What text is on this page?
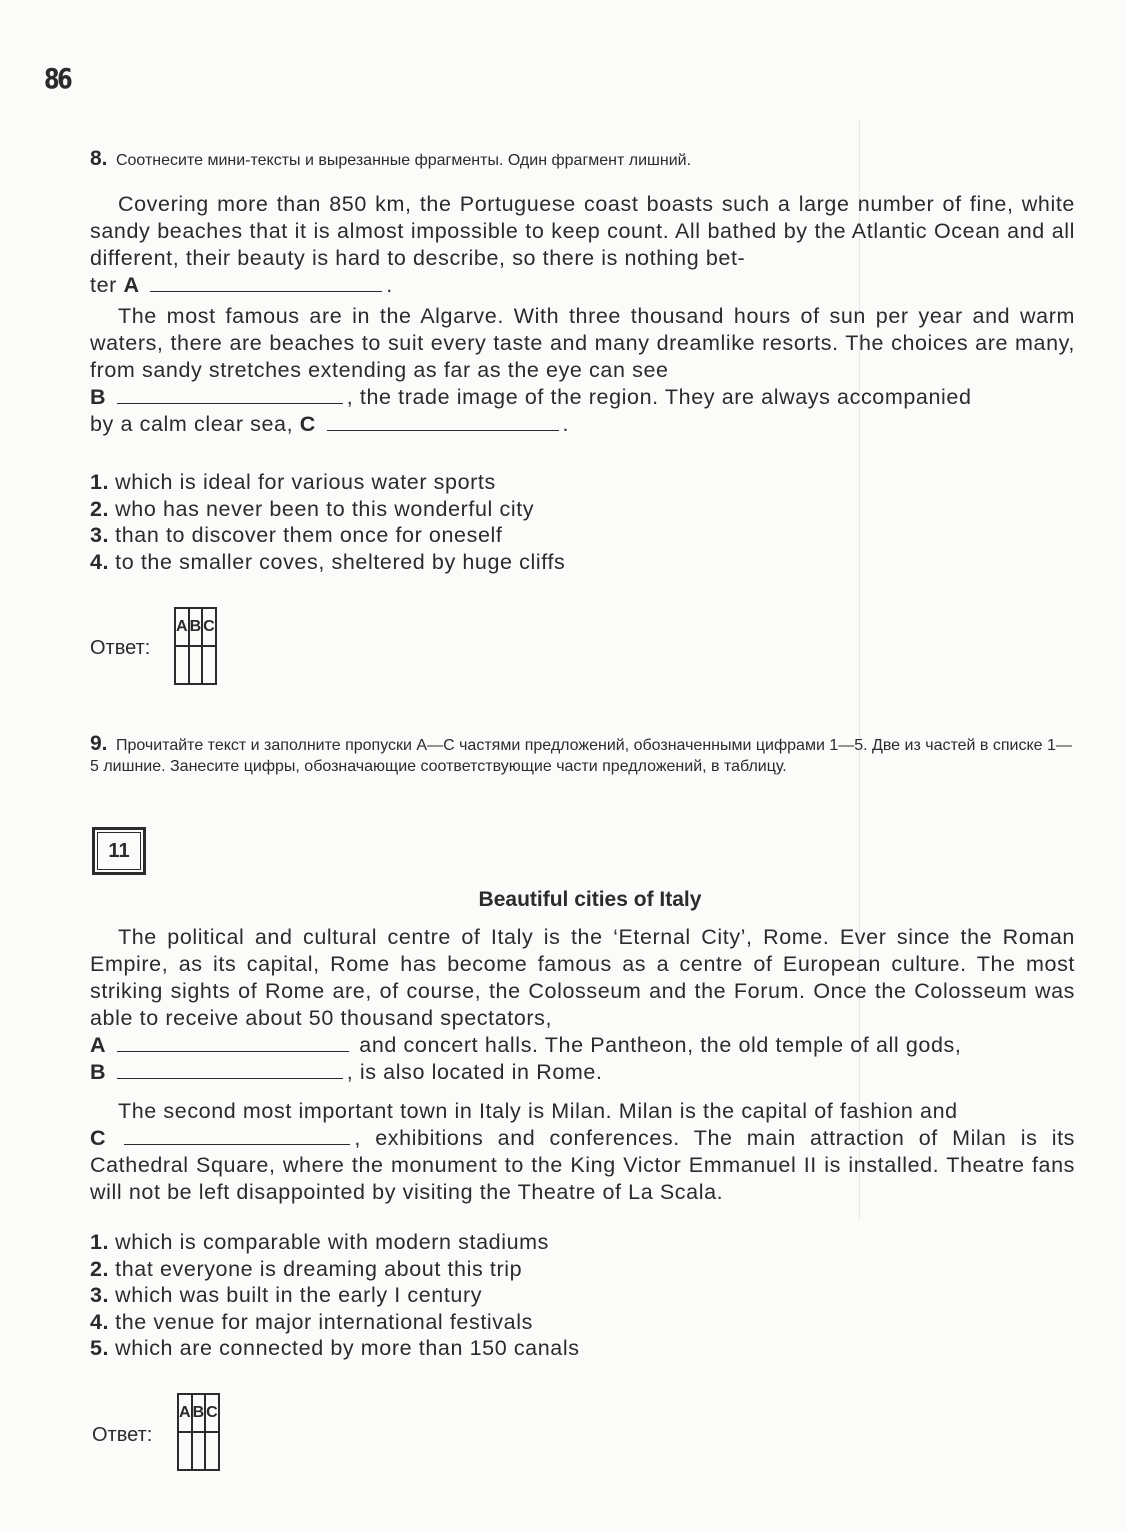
86
8. Соотнесите мини-тексты и вырезанные фрагменты. Один фрагмент лишний.
Covering more than 850 km, the Portuguese coast boasts such a large number of fine, white sandy beaches that it is almost impossible to keep count. All bathed by the Atlantic Ocean and all different, their beauty is hard to describe, so there is nothing bet-
ter A	.
The most famous are in the Algarve. With three thousand hours of sun per year and warm waters, there are beaches to suit every taste and many dreamlike resorts. The choices are many, from sandy stretches extending as far as the eye can see
B	, the trade image of the region. They are always accompanied
by a calm clear sea, C	.
1. which is ideal for various water sports
2. who has never been to this wonderful city
3. than to discover them once for oneself
4. to the smaller coves, sheltered by huge cliffs
Ответ:
A	B	C

9. Прочитайте текст и заполните пропуски A—C частями предложений, обозначенными цифрами 1—5. Две из частей в списке 1—5 лишние. Занесите цифры, обозначающие соответствующие части предложений, в таблицу.
11
Beautiful cities of Italy
The political and cultural centre of Italy is the ‘Eternal City’, Rome. Ever since the Roman Empire, as its capital, Rome has become famous as a centre of European culture. The most striking sights of Rome are, of course, the Colosseum and the Forum. Once the Colosseum was able to receive about 50 thousand spectators,
A	and concert halls. The Pantheon, the old temple of all gods,
B	, is also located in Rome.
The second most important town in Italy is Milan. Milan is the capital of fashion and
C	, exhibitions and conferences. The main attraction of Milan is its Cathedral Square, where the monument to the King Victor Emmanuel II is installed. Theatre fans will not be left disappointed by visiting the Theatre of La Scala.
1. which is comparable with modern stadiums
2. that everyone is dreaming about this trip
3. which was built in the early I century
4. the venue for major international festivals
5. which are connected by more than 150 canals
Ответ:
A	B	C
